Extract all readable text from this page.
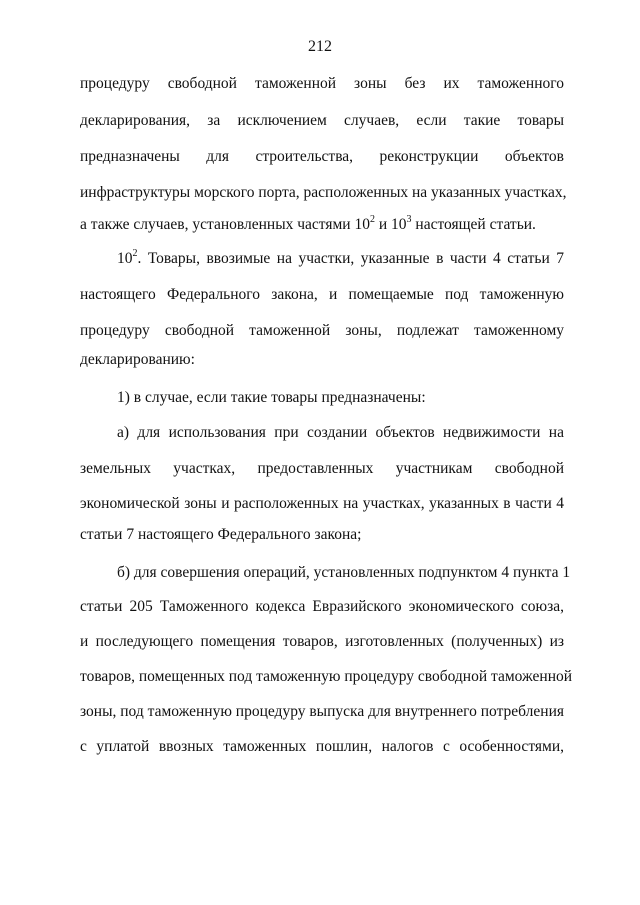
212
процедуру свободной таможенной зоны без их таможенного
декларирования, за исключением случаев, если такие товары
предназначены для строительства, реконструкции объектов
инфраструктуры морского порта, расположенных на указанных участках,
а также случаев, установленных частями $10^2$ и $10^3$ настоящей статьи.
$10^2$. Товары, ввозимые на участки, указанные в части 4 статьи 7
настоящего Федерального закона, и помещаемые под таможенную
процедуру свободной таможенной зоны, подлежат таможенному
декларированию:
1) в случае, если такие товары предназначены:
а) для использования при создании объектов недвижимости на
земельных участках, предоставленных участникам свободной
экономической зоны и расположенных на участках, указанных в части 4
статьи 7 настоящего Федерального закона;
б) для совершения операций, установленных подпунктом 4 пункта 1
статьи 205 Таможенного кодекса Евразийского экономического союза,
и последующего помещения товаров, изготовленных (полученных) из
товаров, помещенных под таможенную процедуру свободной таможенной
зоны, под таможенную процедуру выпуска для внутреннего потребления
с уплатой ввозных таможенных пошлин, налогов с особенностями,
